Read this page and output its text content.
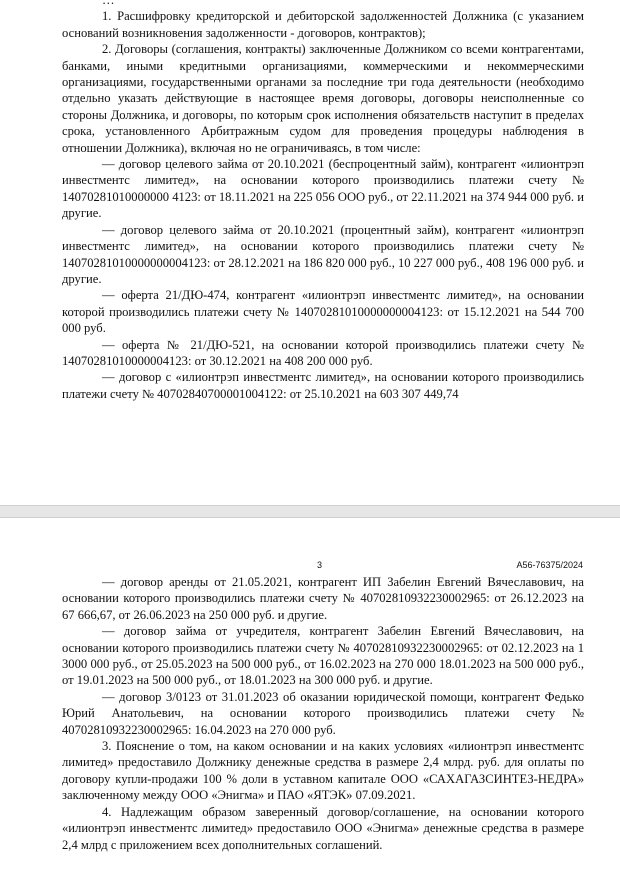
…

1. Расшифровку кредиторской и дебиторской задолженностей Должника (с указанием оснований возникновения задолженности - договоров, контрактов);

2. Договоры (соглашения, контракты) заключенные Должником со всеми контрагентами, банками, иными кредитными организациями, коммерческими и некоммерческими организациями, государственными органами за последние три года деятельности (необходимо отдельно указать действующие в настоящее время договоры, договоры неисполненные со стороны Должника, и договоры, по которым срок исполнения обязательств наступит в пределах срока, установленного Арбитражным судом для проведения процедуры наблюдения в отношении Должника), включая но не ограничиваясь, в том числе:

— договор целевого займа от 20.10.2021 (беспроцентный займ), контрагент «илионтрэп инвестментс лимитед», на основании которого производились платежи счету № 14070281010000000 4123: от 18.11.2021 на 225 056 ООО руб., от 22.11.2021 на 374 944 000 руб. и другие.

— договор целевого займа от 20.10.2021 (процентный займ), контрагент «илионтрэп инвестментс лимитед», на основании которого производились платежи счету № 14070281010000000004123: от 28.12.2021 на 186 820 000 руб., 10 227 000 руб., 408 196 000 руб. и другие.

— оферта 21/ДЮ-474, контрагент «илионтрэп инвестментс лимитед», на основании которой производились платежи счету № 14070281010000000004123: от 15.12.2021 на 544 700 000 руб.

— оферта № 21/ДЮ-521, на основании которой производились платежи счету № 14070281010000004123: от 30.12.2021 на 408 200 000 руб.

— договор с «илионтрэп инвестментс лимитед», на основании которого производились платежи счету № 40702840700001004122: от 25.10.2021 на 603 307 449,74

3	А56-76375/2024

— договор аренды от 21.05.2021, контрагент ИП Забелин Евгений Вячеславович, на основании которого производились платежи счету № 40702810932230002965: от 26.12.2023 на 67 666,67, от 26.06.2023 на 250 000 руб. и другие.

— договор займа от учредителя, контрагент Забелин Евгений Вячеславович, на основании которого производились платежи счету № 40702810932230002965: от 02.12.2023 на 1 3000 000 руб., от 25.05.2023 на 500 000 руб., от 16.02.2023 на 270 000 18.01.2023 на 500 000 руб., от 19.01.2023 на 500 000 руб., от 18.01.2023 на 300 000 руб. и другие.

— договор 3/0123 от 31.01.2023 об оказании юридической помощи, контрагент Федько Юрий Анатольевич, на основании которого производились платежи счету № 40702810932230002965: 16.04.2023 на 270 000 руб.

3. Пояснение о том, на каком основании и на каких условиях «илионтрэп инвестментс лимитед» предоставило Должнику денежные средства в размере 2,4 млрд. руб. для оплаты по договору купли-продажи 100 % доли в уставном капитале ООО «САХАГАЗСИНТЕЗ-НЕДРА» заключенному между ООО «Энигма» и ПАО «ЯТЭК» 07.09.2021.

4. Надлежащим образом заверенный договор/соглашение, на основании которого «илионтрэп инвестментс лимитед» предоставило ООО «Энигма» денежные средства в размере 2,4 млрд с приложением всех дополнительных соглашений.
